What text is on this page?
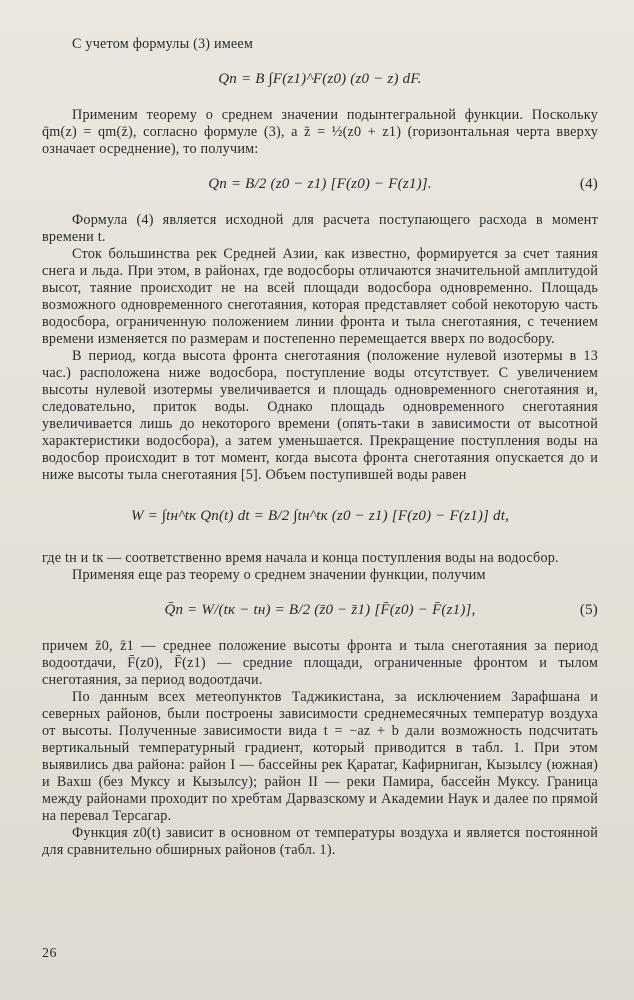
С учетом формулы (3) имеем

Qn = B ∫F(z1)^F(z0) (z0 − z) dF.

Применим теорему о среднем значении подынтегральной функции. Поскольку q̄m(z) = qm(z̄), согласно формуле (3), а z̄ = ½(z0 + z1) (горизонтальная черта вверху означает осреднение), то получим:

Qn = B/2 (z0 − z1) [F(z0) − F(z1)].	(4)

Формула (4) является исходной для расчета поступающего расхода в момент времени t.

Сток большинства рек Средней Азии, как известно, формируется за счет таяния снега и льда. При этом, в районах, где водосборы отличаются значительной амплитудой высот, таяние происходит не на всей площади водосбора одновременно. Площадь возможного одновременного снеготаяния, которая представляет собой некоторую часть водосбора, ограниченную положением линии фронта и тыла снеготаяния, с течением времени изменяется по размерам и постепенно перемещается вверх по водосбору.

В период, когда высота фронта снеготаяния (положение нулевой изотермы в 13 час.) расположена ниже водосбора, поступление воды отсутствует. С увеличением высоты нулевой изотермы увеличивается и площадь одновременного снеготаяния и, следовательно, приток воды. Однако площадь одновременного снеготаяния увеличивается лишь до некоторого времени (опять-таки в зависимости от высотной характеристики водосбора), а затем уменьшается. Прекращение поступления воды на водосбор происходит в тот момент, когда высота фронта снеготаяния опускается до и ниже высоты тыла снеготаяния [5]. Объем поступившей воды равен

W = ∫tн^tк Qn(t) dt = B/2 ∫tн^tк (z0 − z1) [F(z0) − F(z1)] dt,

где tн и tк — соответственно время начала и конца поступления воды на водосбор.

Применяя еще раз теорему о среднем значении функции, получим

Q̄n = W/(tк − tн) = B/2 (z̄0 − z̄1) [F̄(z0) − F̄(z1)],	(5)

причем z̄0, z̄1 — среднее положение высоты фронта и тыла снеготаяния за период водоотдачи, F̄(z0), F̄(z1) — средние площади, ограниченные фронтом и тылом снеготаяния, за период водоотдачи.

По данным всех метеопунктов Таджикистана, за исключением Зарафшана и северных районов, были построены зависимости среднемесячных температур воздуха от высоты. Полученные зависимости вида t = −az + b дали возможность подсчитать вертикальный температурный градиент, который приводится в табл. 1. При этом выявились два района: район I — бассейны рек Қаратаг, Кафирниган, Кызылсу (южная) и Вахш (без Муксу и Кызылсу); район II — реки Памира, бассейн Муксу. Граница между районами проходит по хребтам Дарвазскому и Академии Наук и далее по прямой на перевал Терсагар.

Функция z0(t) зависит в основном от температуры воздуха и является постоянной для сравнительно обширных районов (табл. 1).

26
